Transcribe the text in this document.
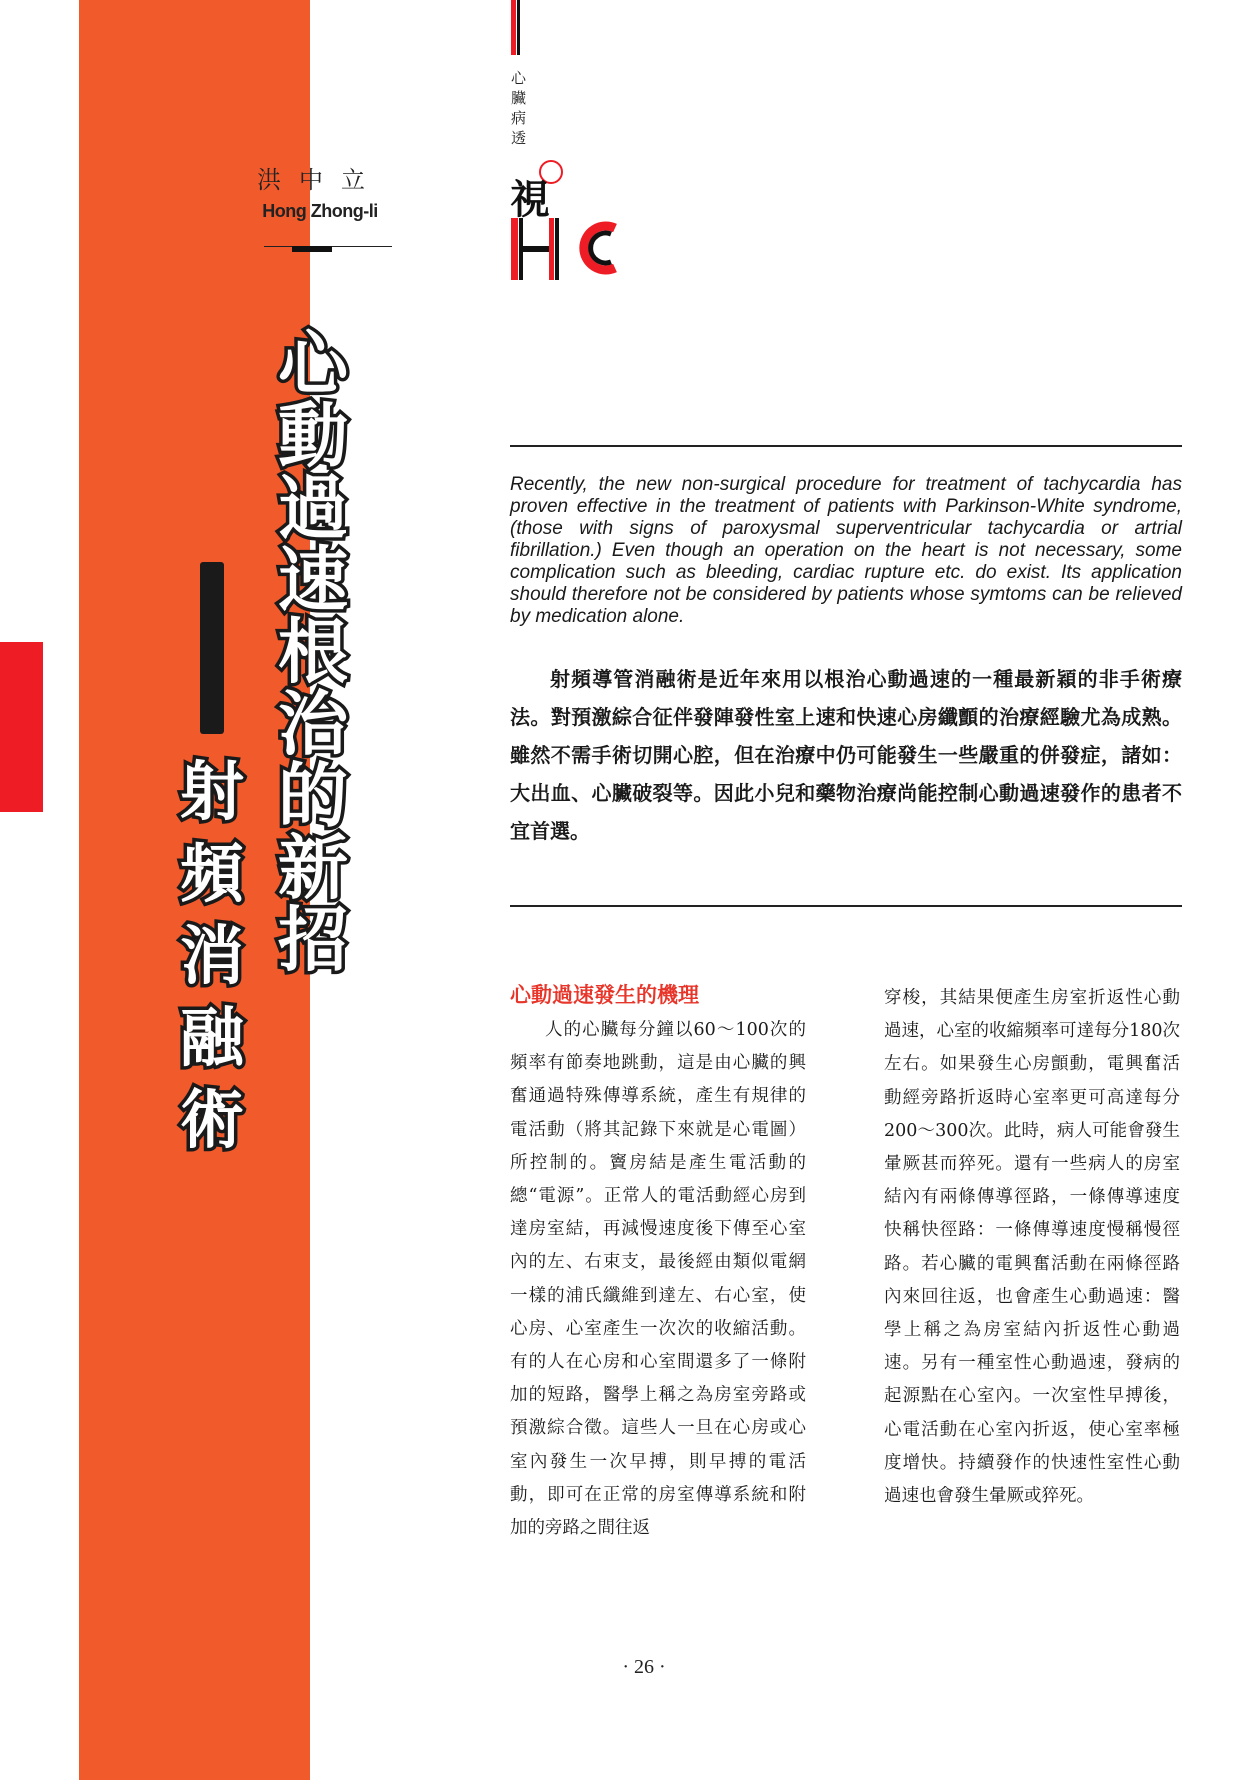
洪中立
Hong Zhong-li
心
臟
病
透
視
心
動
過
速
根
治
的
新
招
射
頻
消
融
術
Recently, the new non-surgical procedure for treatment of tachycardia has proven effective in the treatment of patients with Parkinson-White syndrome, (those with signs of paroxysmal superventricular tachycardia or artrial fibrillation.) Even though an operation on the heart is not necessary, some complication such as bleeding, cardiac rupture etc. do exist. Its application should therefore not be considered by patients whose symtoms can be relieved by medication alone.
射頻導管消融術是近年來用以根治心動過速的一種最新穎的非手術療法。對預激綜合征伴發陣發性室上速和快速心房纖顫的治療經驗尤為成熟。雖然不需手術切開心腔，但在治療中仍可能發生一些嚴重的併發症，諸如：大出血、心臟破裂等。因此小兒和藥物治療尚能控制心動過速發作的患者不宜首選。
心動過速發生的機理
人的心臟每分鐘以60～100次的頻率有節奏地跳動，這是由心臟的興奮通過特殊傳導系統，產生有規律的電活動（將其記錄下來就是心電圖）所控制的。竇房結是產生電活動的總“電源”。正常人的電活動經心房到達房室結，再減慢速度後下傳至心室內的左、右束支，最後經由類似電網一樣的浦氏纖維到達左、右心室，使心房、心室產生一次次的收縮活動。有的人在心房和心室間還多了一條附加的短路，醫學上稱之為房室旁路或預激綜合徵。這些人一旦在心房或心室內發生一次早搏，則早搏的電活動，即可在正常的房室傳導系統和附加的旁路之間往返
穿梭，其結果便產生房室折返性心動過速，心室的收縮頻率可達每分180次左右。如果發生心房顫動，電興奮活動經旁路折返時心室率更可高達每分200～300次。此時，病人可能會發生暈厥甚而猝死。還有一些病人的房室結內有兩條傳導徑路，一條傳導速度快稱快徑路：一條傳導速度慢稱慢徑路。若心臟的電興奮活動在兩條徑路內來回往返，也會產生心動過速：醫學上稱之為房室結內折返性心動過速。另有一種室性心動過速，發病的起源點在心室內。一次室性早搏後，心電活動在心室內折返，使心室率極度增快。持續發作的快速性室性心動過速也會發生暈厥或猝死。
· 26 ·
